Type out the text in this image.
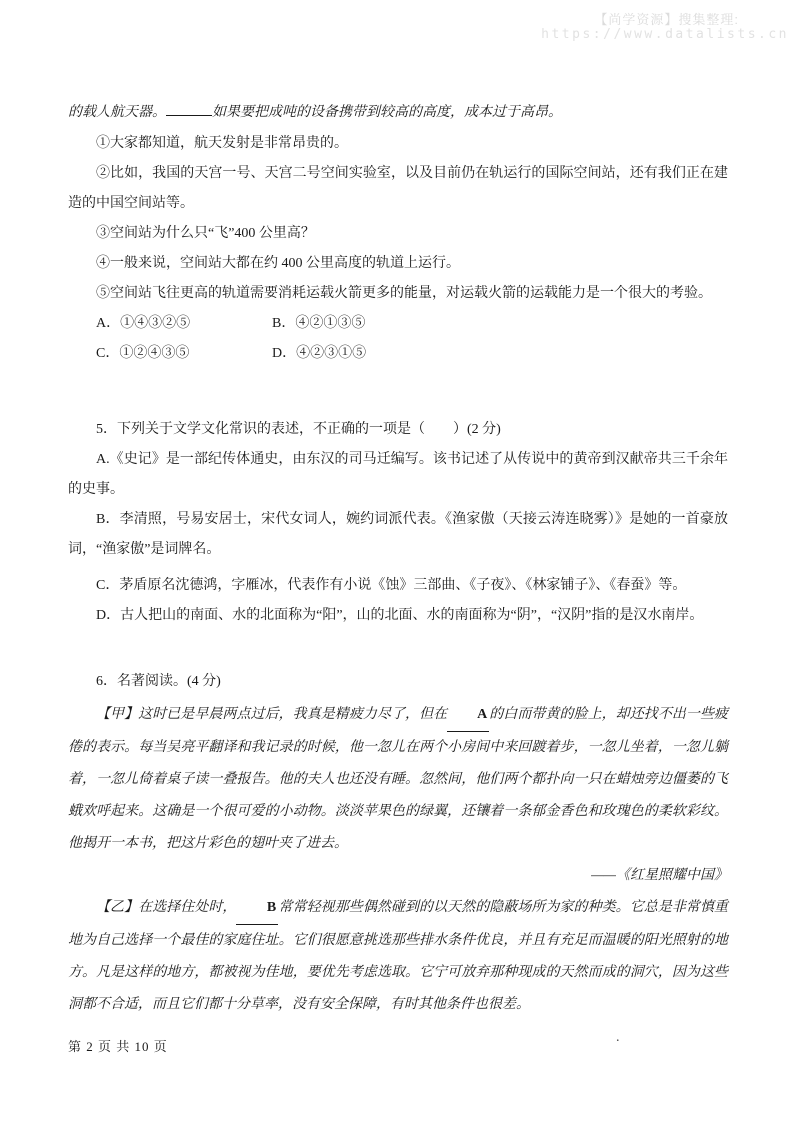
【尚学资源】搜集整理:
https://www.datalists.cn

的载人航天器。	如果要把成吨的设备携带到较高的高度，成本过于高昂。

①大家都知道，航天发射是非常昂贵的。

②比如，我国的天宫一号、天宫二号空间实验室，以及目前仍在轨运行的国际空间站，还有我们正在建造的中国空间站等。

③空间站为什么只“飞”400 公里高？

④一般来说，空间站大都在约 400 公里高度的轨道上运行。

⑤空间站飞往更高的轨道需要消耗运载火箭更多的能量，对运载火箭的运载能力是一个很大的考验。

A．①④③②⑤	B．④②①③⑤

C．①②④③⑤	D．④②③①⑤

5．下列关于文学文化常识的表述，不正确的一项是（　　）(2 分)

A.《史记》是一部纪传体通史，由东汉的司马迁编写。该书记述了从传说中的黄帝到汉献帝共三千余年的史事。

B．李清照，号易安居士，宋代女词人，婉约词派代表。《渔家傲（天接云涛连晓雾）》是她的一首豪放词，“渔家傲”是词牌名。

C．茅盾原名沈德鸿，字雁冰，代表作有小说《蚀》三部曲、《子夜》、《林家铺子》、《春蚕》等。

D．古人把山的南面、水的北面称为“阳”，山的北面、水的南面称为“阴”，“汉阴”指的是汉水南岸。

6．名著阅读。(4 分)

【甲】这时已是早晨两点过后，我真是精疲力尽了，但在 A 的白而带黄的脸上，却还找不出一些疲倦的表示。每当吴亮平翻译和我记录的时候，他一忽儿在两个小房间中来回踱着步，一忽儿坐着，一忽儿躺着，一忽儿倚着桌子读一叠报告。他的夫人也还没有睡。忽然间，他们两个都扑向一只在蜡烛旁边僵萎的飞蛾欢呼起来。这确是一个很可爱的小动物。淡淡苹果色的绿翼，还镶着一条郁金香色和玫瑰色的柔软彩纹。他揭开一本书，把这片彩色的翅叶夹了进去。

——《红星照耀中国》

【乙】在选择住处时， B 常常轻视那些偶然碰到的以天然的隐蔽场所为家的种类。它总是非常慎重地为自己选择一个最佳的家庭住址。它们很愿意挑选那些排水条件优良，并且有充足而温暖的阳光照射的地方。凡是这样的地方，都被视为佳地，要优先考虑选取。它宁可放弃那种现成的天然而成的洞穴，因为这些洞都不合适，而且它们都十分草率，没有安全保障，有时其他条件也很差。

第 2 页 共 10 页
.
